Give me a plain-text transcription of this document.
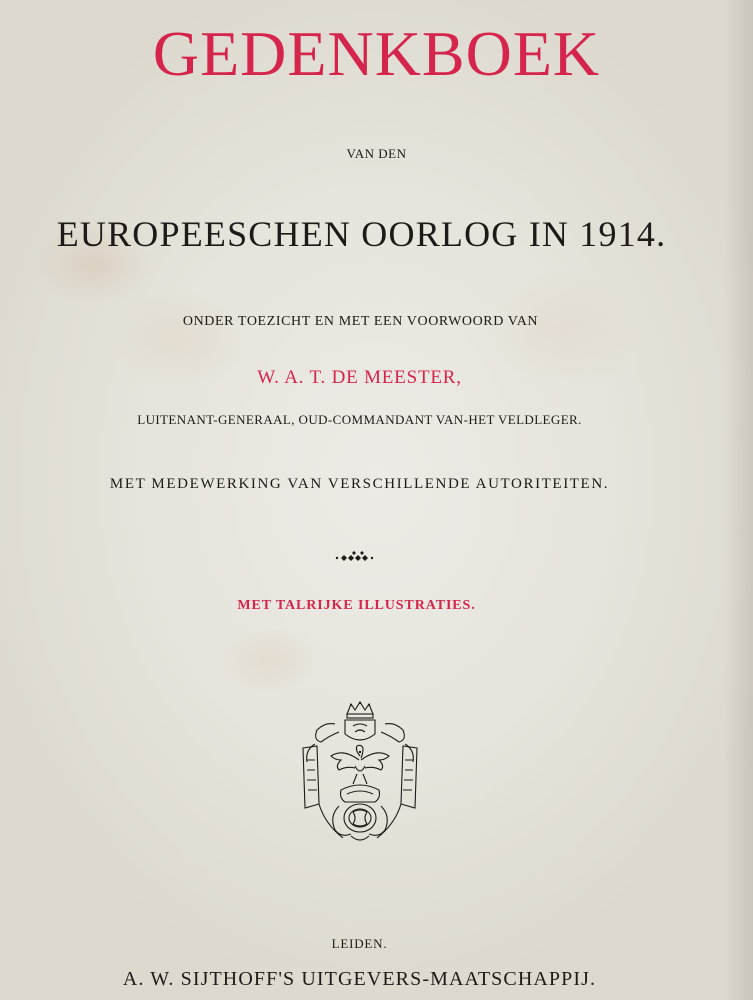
GEDENKBOEK
VAN DEN
EUROPEESCHEN OORLOG IN 1914.
ONDER TOEZICHT EN MET EEN VOORWOORD VAN
W. A. T. DE MEESTER,
LUITENANT-GENERAAL, OUD-COMMANDANT VAN-HET VELDLEGER.
MET MEDEWERKING VAN VERSCHILLENDE AUTORITEITEN.
MET TALRIJKE ILLUSTRATIES.
LEIDEN.
A. W. SIJTHOFF'S UITGEVERS-MAATSCHAPPIJ.
